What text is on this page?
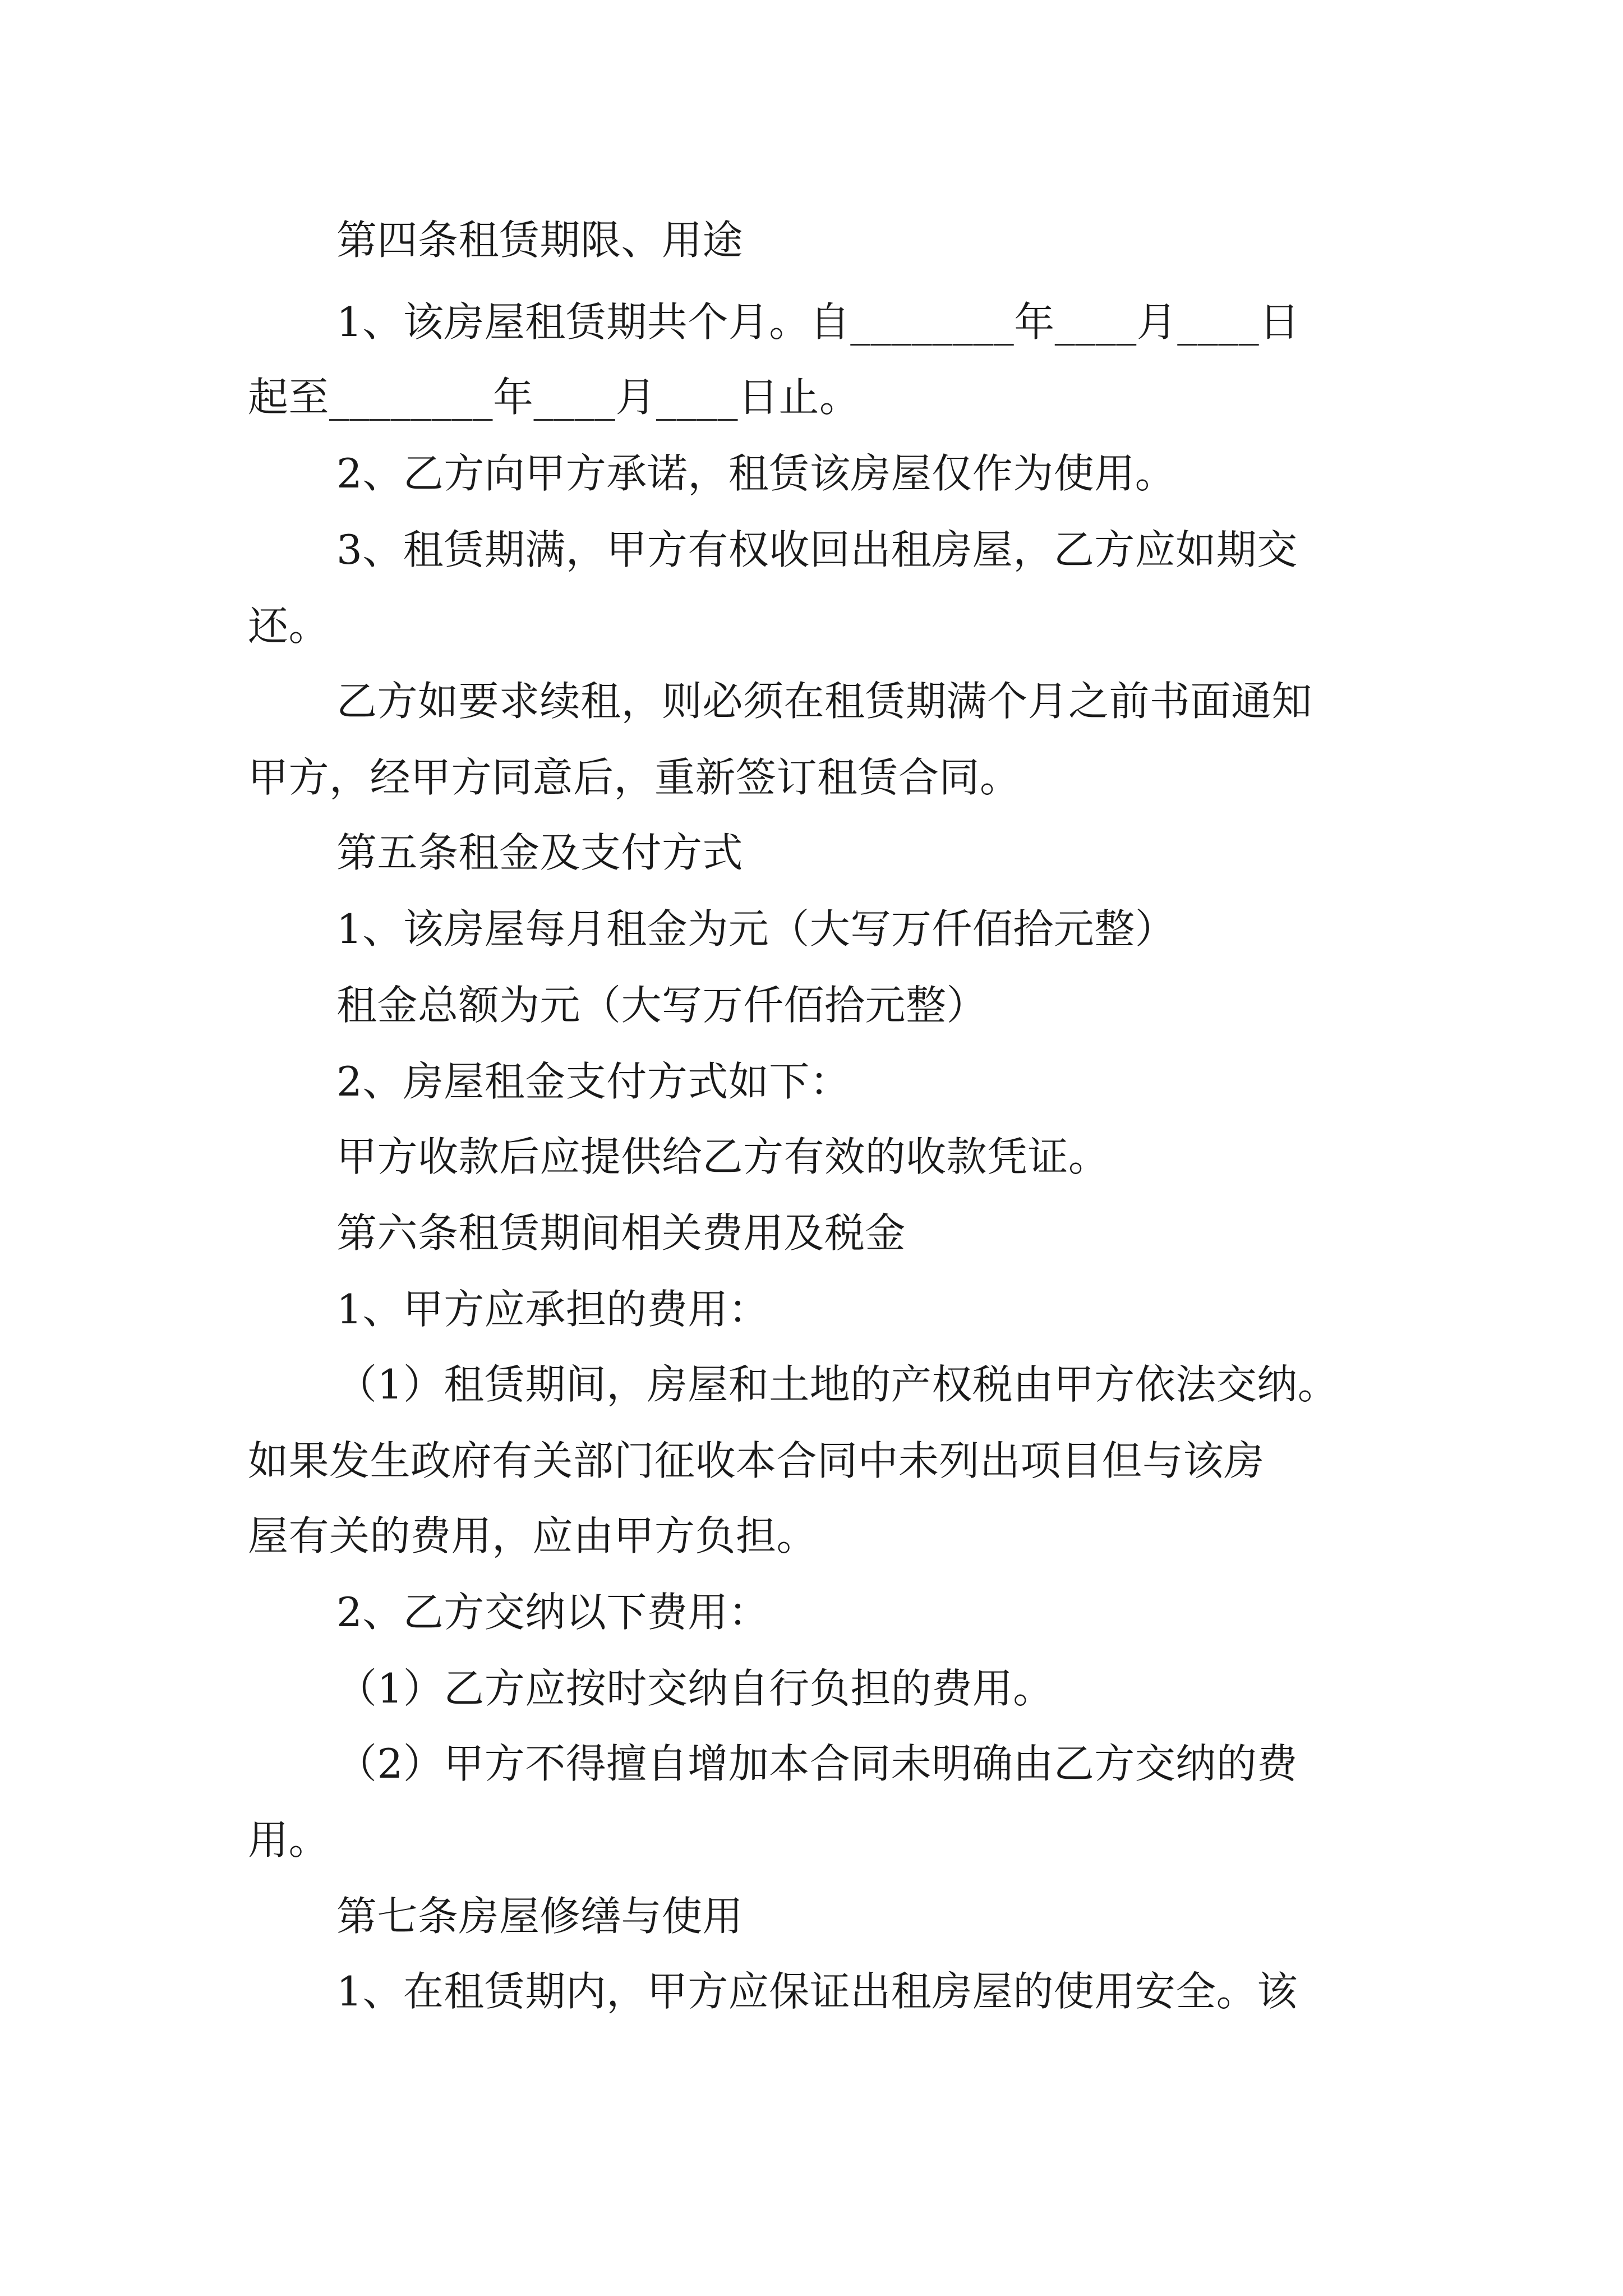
第四条租赁期限、用途
1、该房屋租赁期共个月。自________年____月____日
起至________年____月____日止。
2、乙方向甲方承诺，租赁该房屋仅作为使用。
3、租赁期满，甲方有权收回出租房屋，乙方应如期交
还。
乙方如要求续租，则必须在租赁期满个月之前书面通知
甲方，经甲方同意后，重新签订租赁合同。
第五条租金及支付方式
1、该房屋每月租金为元（大写万仟佰拾元整）
租金总额为元（大写万仟佰拾元整）
2、房屋租金支付方式如下：
甲方收款后应提供给乙方有效的收款凭证。
第六条租赁期间相关费用及税金
1、甲方应承担的费用：
（1）租赁期间，房屋和土地的产权税由甲方依法交纳。
如果发生政府有关部门征收本合同中未列出项目但与该房
屋有关的费用，应由甲方负担。
2、乙方交纳以下费用：
（1）乙方应按时交纳自行负担的费用。
（2）甲方不得擅自增加本合同未明确由乙方交纳的费
用。
第七条房屋修缮与使用
1、在租赁期内，甲方应保证出租房屋的使用安全。该
